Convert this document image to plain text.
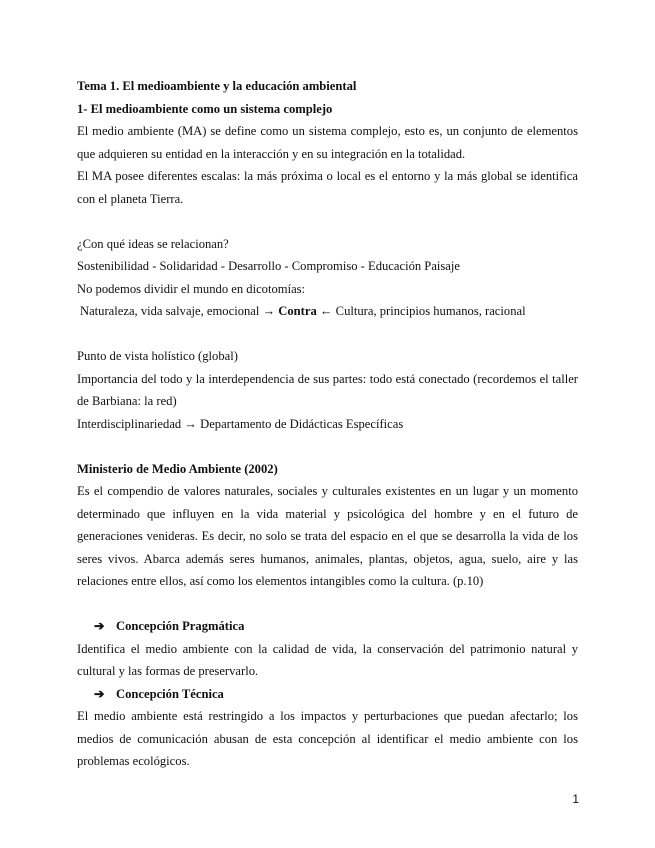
Tema 1. El medioambiente y la educación ambiental

1- El medioambiente como un sistema complejo

El medio ambiente (MA) se define como un sistema complejo, esto es, un conjunto de elementos que adquieren su entidad en la interacción y en su integración en la totalidad.

El MA posee diferentes escalas: la más próxima o local es el entorno y la más global se identifica con el planeta Tierra.

¿Con qué ideas se relacionan?

Sostenibilidad - Solidaridad - Desarrollo - Compromiso - Educación Paisaje

No podemos dividir el mundo en dicotomías:

Naturaleza, vida salvaje, emocional → Contra ← Cultura, principios humanos, racional

Punto de vista holístico (global)

Importancia del todo y la interdependencia de sus partes: todo está conectado (recordemos el taller de Barbiana: la red)

Interdisciplinariedad → Departamento de Didácticas Específicas

Ministerio de Medio Ambiente (2002)

Es el compendio de valores naturales, sociales y culturales existentes en un lugar y un momento determinado que influyen en la vida material y psicológica del hombre y en el futuro de generaciones venideras. Es decir, no solo se trata del espacio en el que se desarrolla la vida de los seres vivos. Abarca además seres humanos, animales, plantas, objetos, agua, suelo, aire y las relaciones entre ellos, así como los elementos intangibles como la cultura. (p.10)

➔ Concepción Pragmática

Identifica el medio ambiente con la calidad de vida, la conservación del patrimonio natural y cultural y las formas de preservarlo.

➔ Concepción Técnica

El medio ambiente está restringido a los impactos y perturbaciones que puedan afectarlo; los medios de comunicación abusan de esta concepción al identificar el medio ambiente con los problemas ecológicos.

1
